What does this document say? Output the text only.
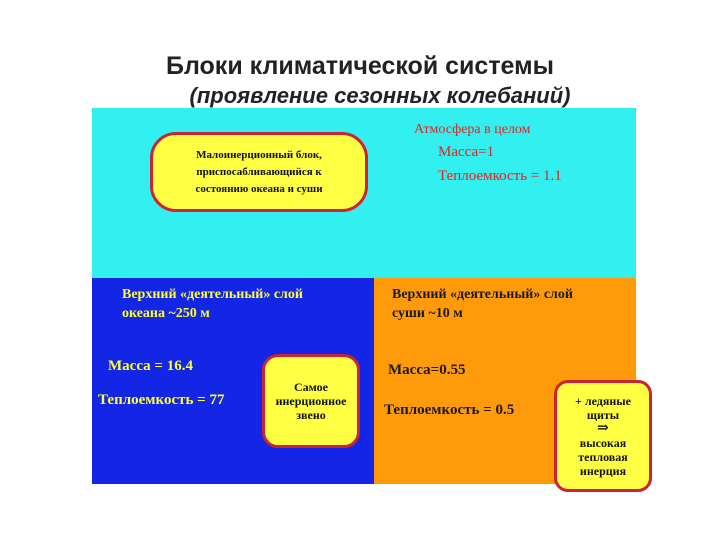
Блоки климатической системы
(проявление сезонных колебаний)
Малоинерционный блок,
приспосабливающийся к
состоянию океана и суши
Атмосфера в целом
Масса=1
Теплоемкость = 1.1
Верхний «деятельный» слой
океана ~250 м
Масса = 16.4
Теплоемкость = 77
Самое
инерционное
звено
Верхний «деятельный» слой
суши ~10 м
Масса=0.55
Теплоемкость = 0.5
+ ледяные
щиты
⇒
высокая
тепловая
инерция
